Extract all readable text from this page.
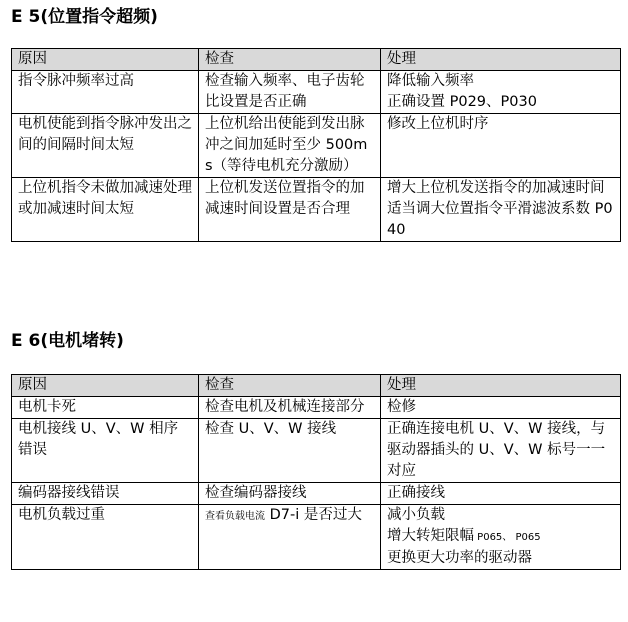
E 5(位置指令超频)
原因	检查	处理
指令脉冲频率过高	检查输入频率、电子齿轮比设置是否正确	降低输入频率
正确设置 P029、P030

电机使能到指令脉冲发出之间的间隔时间太短	上位机给出使能到发出脉冲之间加延时至少 500ms（等待电机充分激励）	修改上位机时序

上位机指令未做加减速处理或加减速时间太短	上位机发送位置指令的加减速时间设置是否合理	增大上位机发送指令的加减速时间
适当调大位置指令平滑滤波系数 P040
E 6(电机堵转)
原因	检查	处理
电机卡死	检查电机及机械连接部分	检修
电机接线 U、V、W 相序错误	检查 U、V、W 接线	正确连接电机 U、V、W 接线，与驱动器插头的 U、V、W 标号一一对应
编码器接线错误	检查编码器接线	正确接线
电机负载过重	查看负载电流 D7-i 是否过大	减小负载
增大转矩限幅 P065、 P065
更换更大功率的驱动器
